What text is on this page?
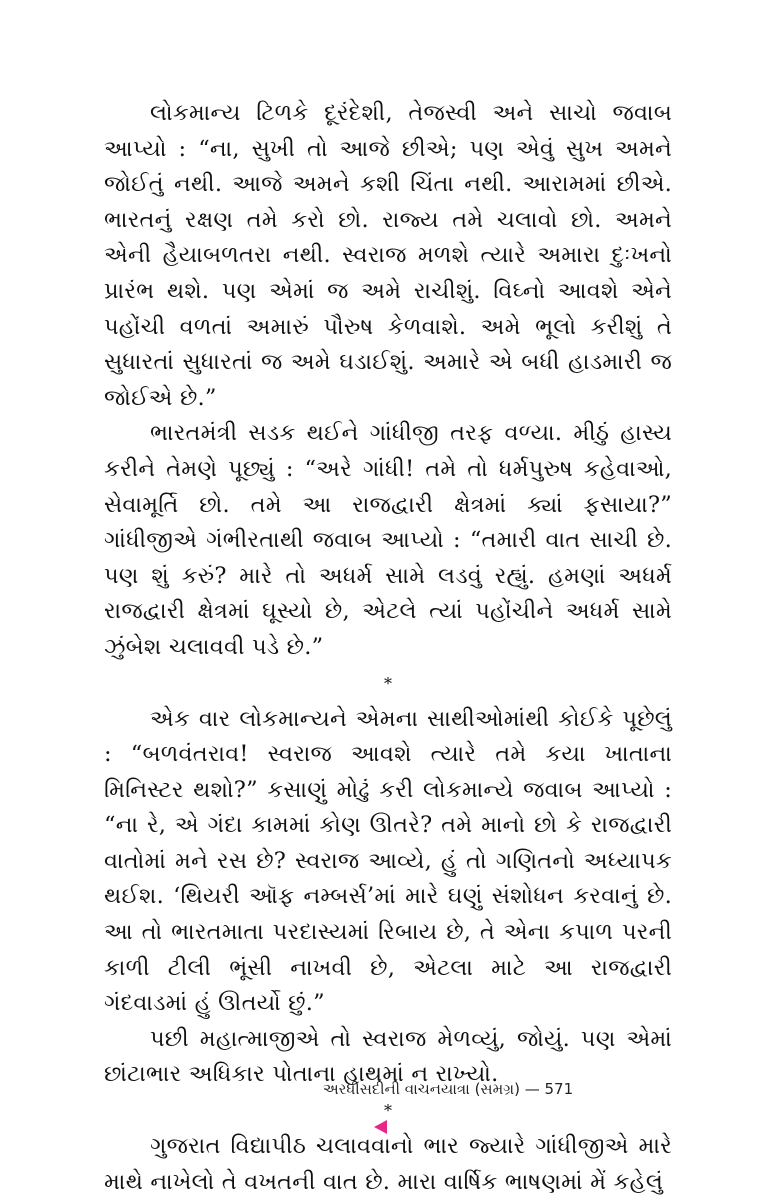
લોકમાન્ય ટિળકે દૂરંદેશી, તેજસ્વી અને સાચો જવાબ આપ્યો : “ના, સુખી તો આજે છીએ; પણ એવું સુખ અમને જોઈતું નથી. આજે અમને કશી ચિંતા નથી. આરામમાં છીએ. ભારતનું રક્ષણ તમે કરો છો. રાજ્ય તમે ચલાવો છો. અમને એની હૈયાબળતરા નથી. સ્વરાજ મળશે ત્યારે અમારા દુઃખનો પ્રારંભ થશે. પણ એમાં જ અમે રાચીશું. વિઘ્નો આવશે એને પહોંચી વળતાં અમારું પૌરુષ કેળવાશે. અમે ભૂલો કરીશું તે સુધારતાં સુધારતાં જ અમે ઘડાઈશું. અમારે એ બધી હાડમારી જ જોઈએ છે.”

ભારતમંત્રી સડક થઈને ગાંધીજી તરફ વળ્યા. મીઠું હાસ્ય કરીને તેમણે પૂછ્યું : “અરે ગાંધી! તમે તો ધર્મપુરુષ કહેવાઓ, સેવામૂર્તિ છો. તમે આ રાજદ્વારી ક્ષેત્રમાં ક્યાં ફસાયા?” ગાંધીજીએ ગંભીરતાથી જવાબ આપ્યો : “તમારી વાત સાચી છે. પણ શું કરું? મારે તો અધર્મ સામે લડવું રહ્યું. હમણાં અધર્મ રાજદ્વારી ક્ષેત્રમાં ઘૂસ્યો છે, એટલે ત્યાં પહોંચીને અધર્મ સામે ઝુંબેશ ચલાવવી પડે છે.”

*

એક વાર લોકમાન્યને એમના સાથીઓમાંથી કોઈકે પૂછેલું : “બળવંતરાવ! સ્વરાજ આવશે ત્યારે તમે કયા ખાતાના મિનિસ્ટર થશો?” કસાણું મોઢું કરી લોકમાન્યે જવાબ આપ્યો : “ના રે, એ ગંદા કામમાં કોણ ઊતરે? તમે માનો છો કે રાજદ્વારી વાતોમાં મને રસ છે? સ્વરાજ આવ્યે, હું તો ગણિતનો અધ્યાપક થઈશ. ‘થિયરી ઑફ નમ્બર્સ’માં મારે ઘણું સંશોધન કરવાનું છે. આ તો ભારતમાતા પરદાસ્યમાં રિબાય છે, તે એના કપાળ પરની કાળી ટીલી ભૂંસી નાખવી છે, એટલા માટે આ રાજદ્વારી ગંદવાડમાં હું ઊતર્યો છું.”

પછી મહાત્માજીએ તો સ્વરાજ મેળવ્યું, જોયું. પણ એમાં છાંટાભાર અધિકાર પોતાના હાથમાં ન રાખ્યો.

*

ગુજરાત વિદ્યાપીઠ ચલાવવાનો ભાર જ્યારે ગાંધીજીએ મારે માથે નાખેલો તે વખતની વાત છે. મારા વાર્ષિક ભાષણમાં મેં કહેલું

અરધીસદીની વાચનયાત્રા (સમગ્ર) — 571
